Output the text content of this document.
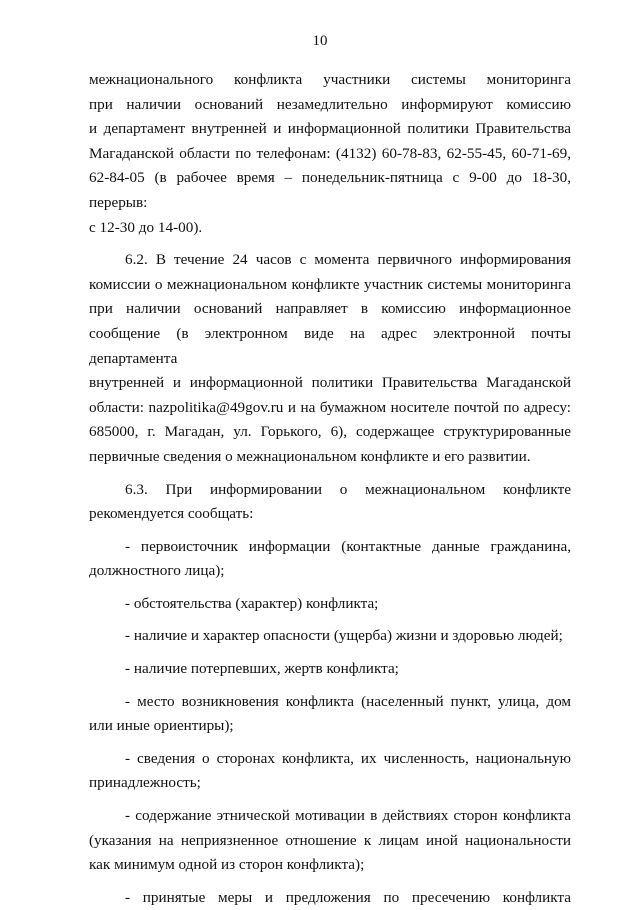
10
межнационального конфликта участники системы мониторинга
при наличии оснований незамедлительно информируют комиссию
и департамент внутренней и информационной политики Правительства
Магаданской области по телефонам: (4132) 60-78-83, 62-55-45, 60-71-69,
62-84-05 (в рабочее время – понедельник-пятница с 9-00 до 18-30, перерыв:
с 12-30 до 14-00).
6.2. В течение 24 часов с момента первичного информирования
комиссии о межнациональном конфликте участник системы мониторинга
при наличии оснований направляет в комиссию информационное
сообщение (в электронном виде на адрес электронной почты департамента
внутренней и информационной политики Правительства Магаданской
области: nazpolitika@49gov.ru и на бумажном носителе почтой по адресу:
685000, г. Магадан, ул. Горького, 6), содержащее структурированные
первичные сведения о межнациональном конфликте и его развитии.
6.3. При информировании о межнациональном конфликте
рекомендуется сообщать:
- первоисточник информации (контактные данные гражданина,
должностного лица);
- обстоятельства (характер) конфликта;
- наличие и характер опасности (ущерба) жизни и здоровью людей;
- наличие потерпевших, жертв конфликта;
- место возникновения конфликта (населенный пункт, улица, дом
или иные ориентиры);
- сведения о сторонах конфликта, их численность, национальную
принадлежность;
- содержание этнической мотивации в действиях сторон конфликта
(указания на неприязненное отношение к лицам иной национальности
как минимум одной из сторон конфликта);
- принятые меры и предложения по пресечению конфликта
